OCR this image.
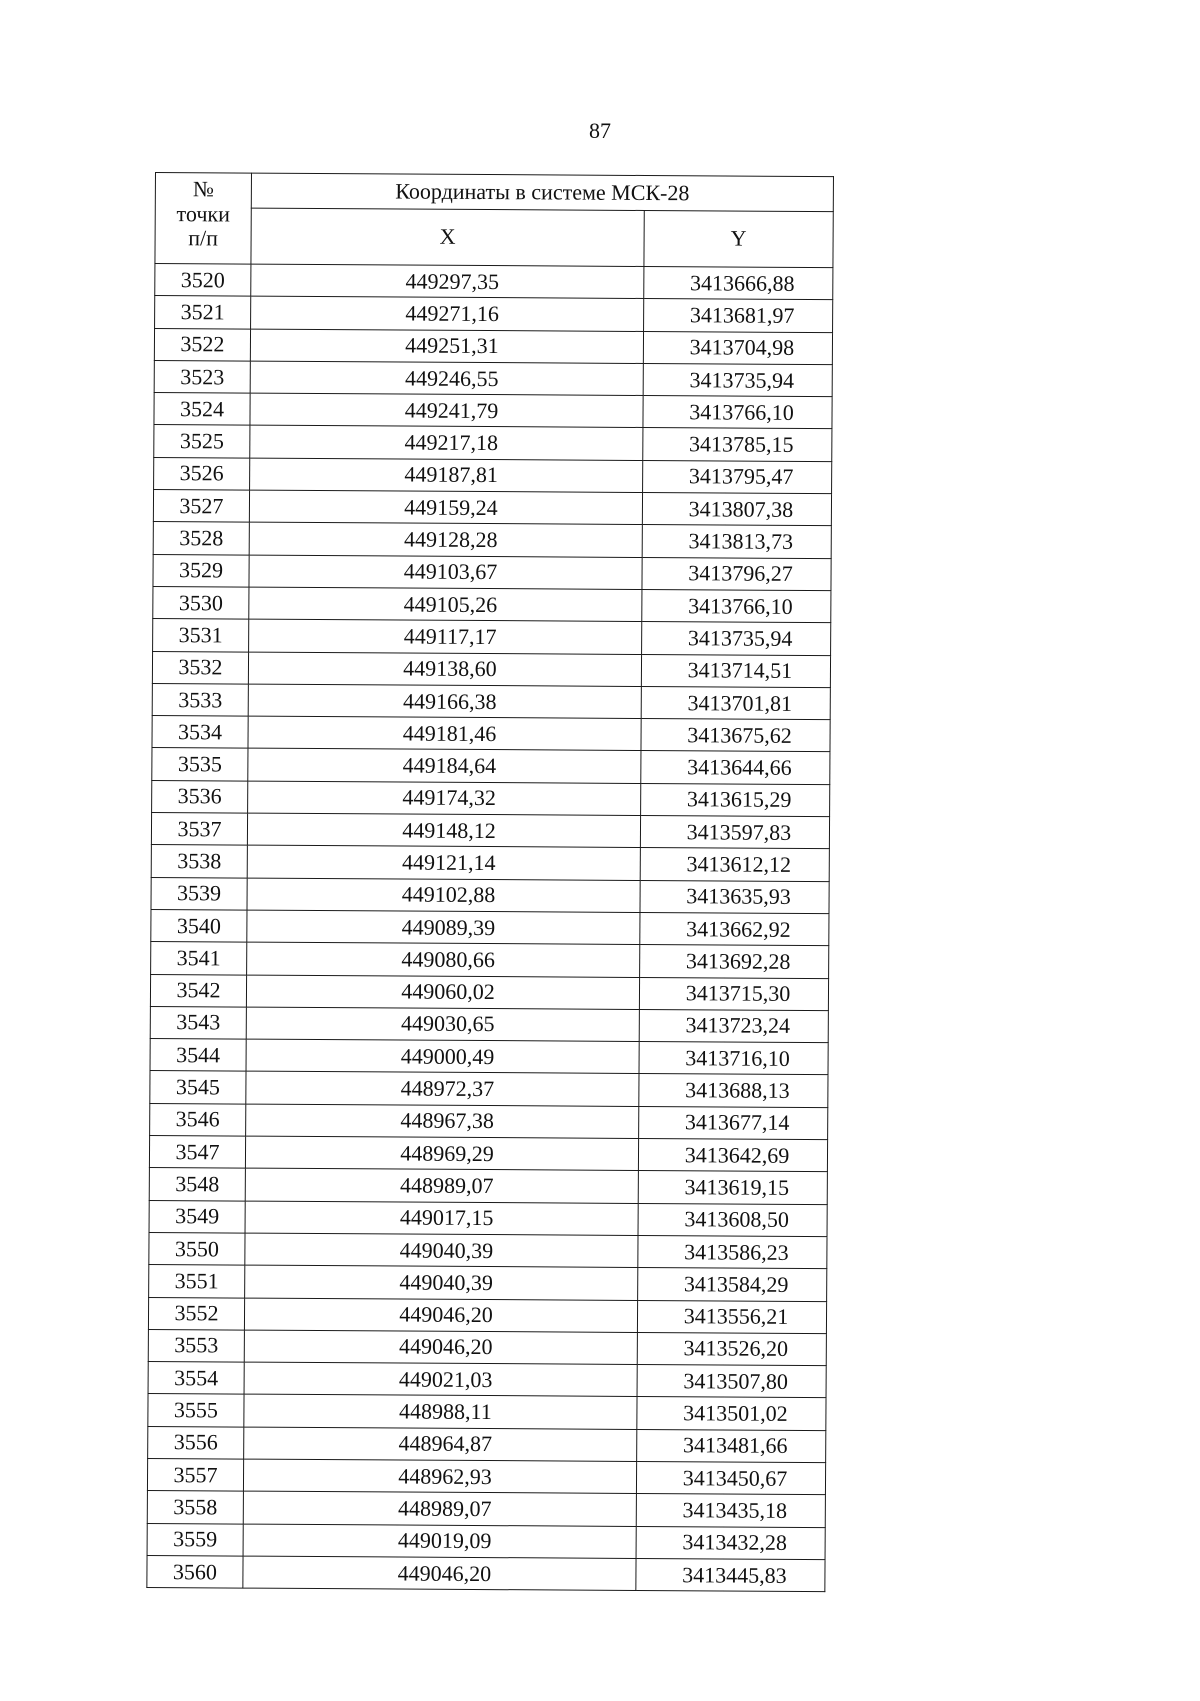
87
№
точки
п/п	Координаты в системе МСК-28	
	X	Y
3520	449297,35	3413666,88
3521	449271,16	3413681,97
3522	449251,31	3413704,98
3523	449246,55	3413735,94
3524	449241,79	3413766,10
3525	449217,18	3413785,15
3526	449187,81	3413795,47
3527	449159,24	3413807,38
3528	449128,28	3413813,73
3529	449103,67	3413796,27
3530	449105,26	3413766,10
3531	449117,17	3413735,94
3532	449138,60	3413714,51
3533	449166,38	3413701,81
3534	449181,46	3413675,62
3535	449184,64	3413644,66
3536	449174,32	3413615,29
3537	449148,12	3413597,83
3538	449121,14	3413612,12
3539	449102,88	3413635,93
3540	449089,39	3413662,92
3541	449080,66	3413692,28
3542	449060,02	3413715,30
3543	449030,65	3413723,24
3544	449000,49	3413716,10
3545	448972,37	3413688,13
3546	448967,38	3413677,14
3547	448969,29	3413642,69
3548	448989,07	3413619,15
3549	449017,15	3413608,50
3550	449040,39	3413586,23
3551	449040,39	3413584,29
3552	449046,20	3413556,21
3553	449046,20	3413526,20
3554	449021,03	3413507,80
3555	448988,11	3413501,02
3556	448964,87	3413481,66
3557	448962,93	3413450,67
3558	448989,07	3413435,18
3559	449019,09	3413432,28
3560	449046,20	3413445,83
